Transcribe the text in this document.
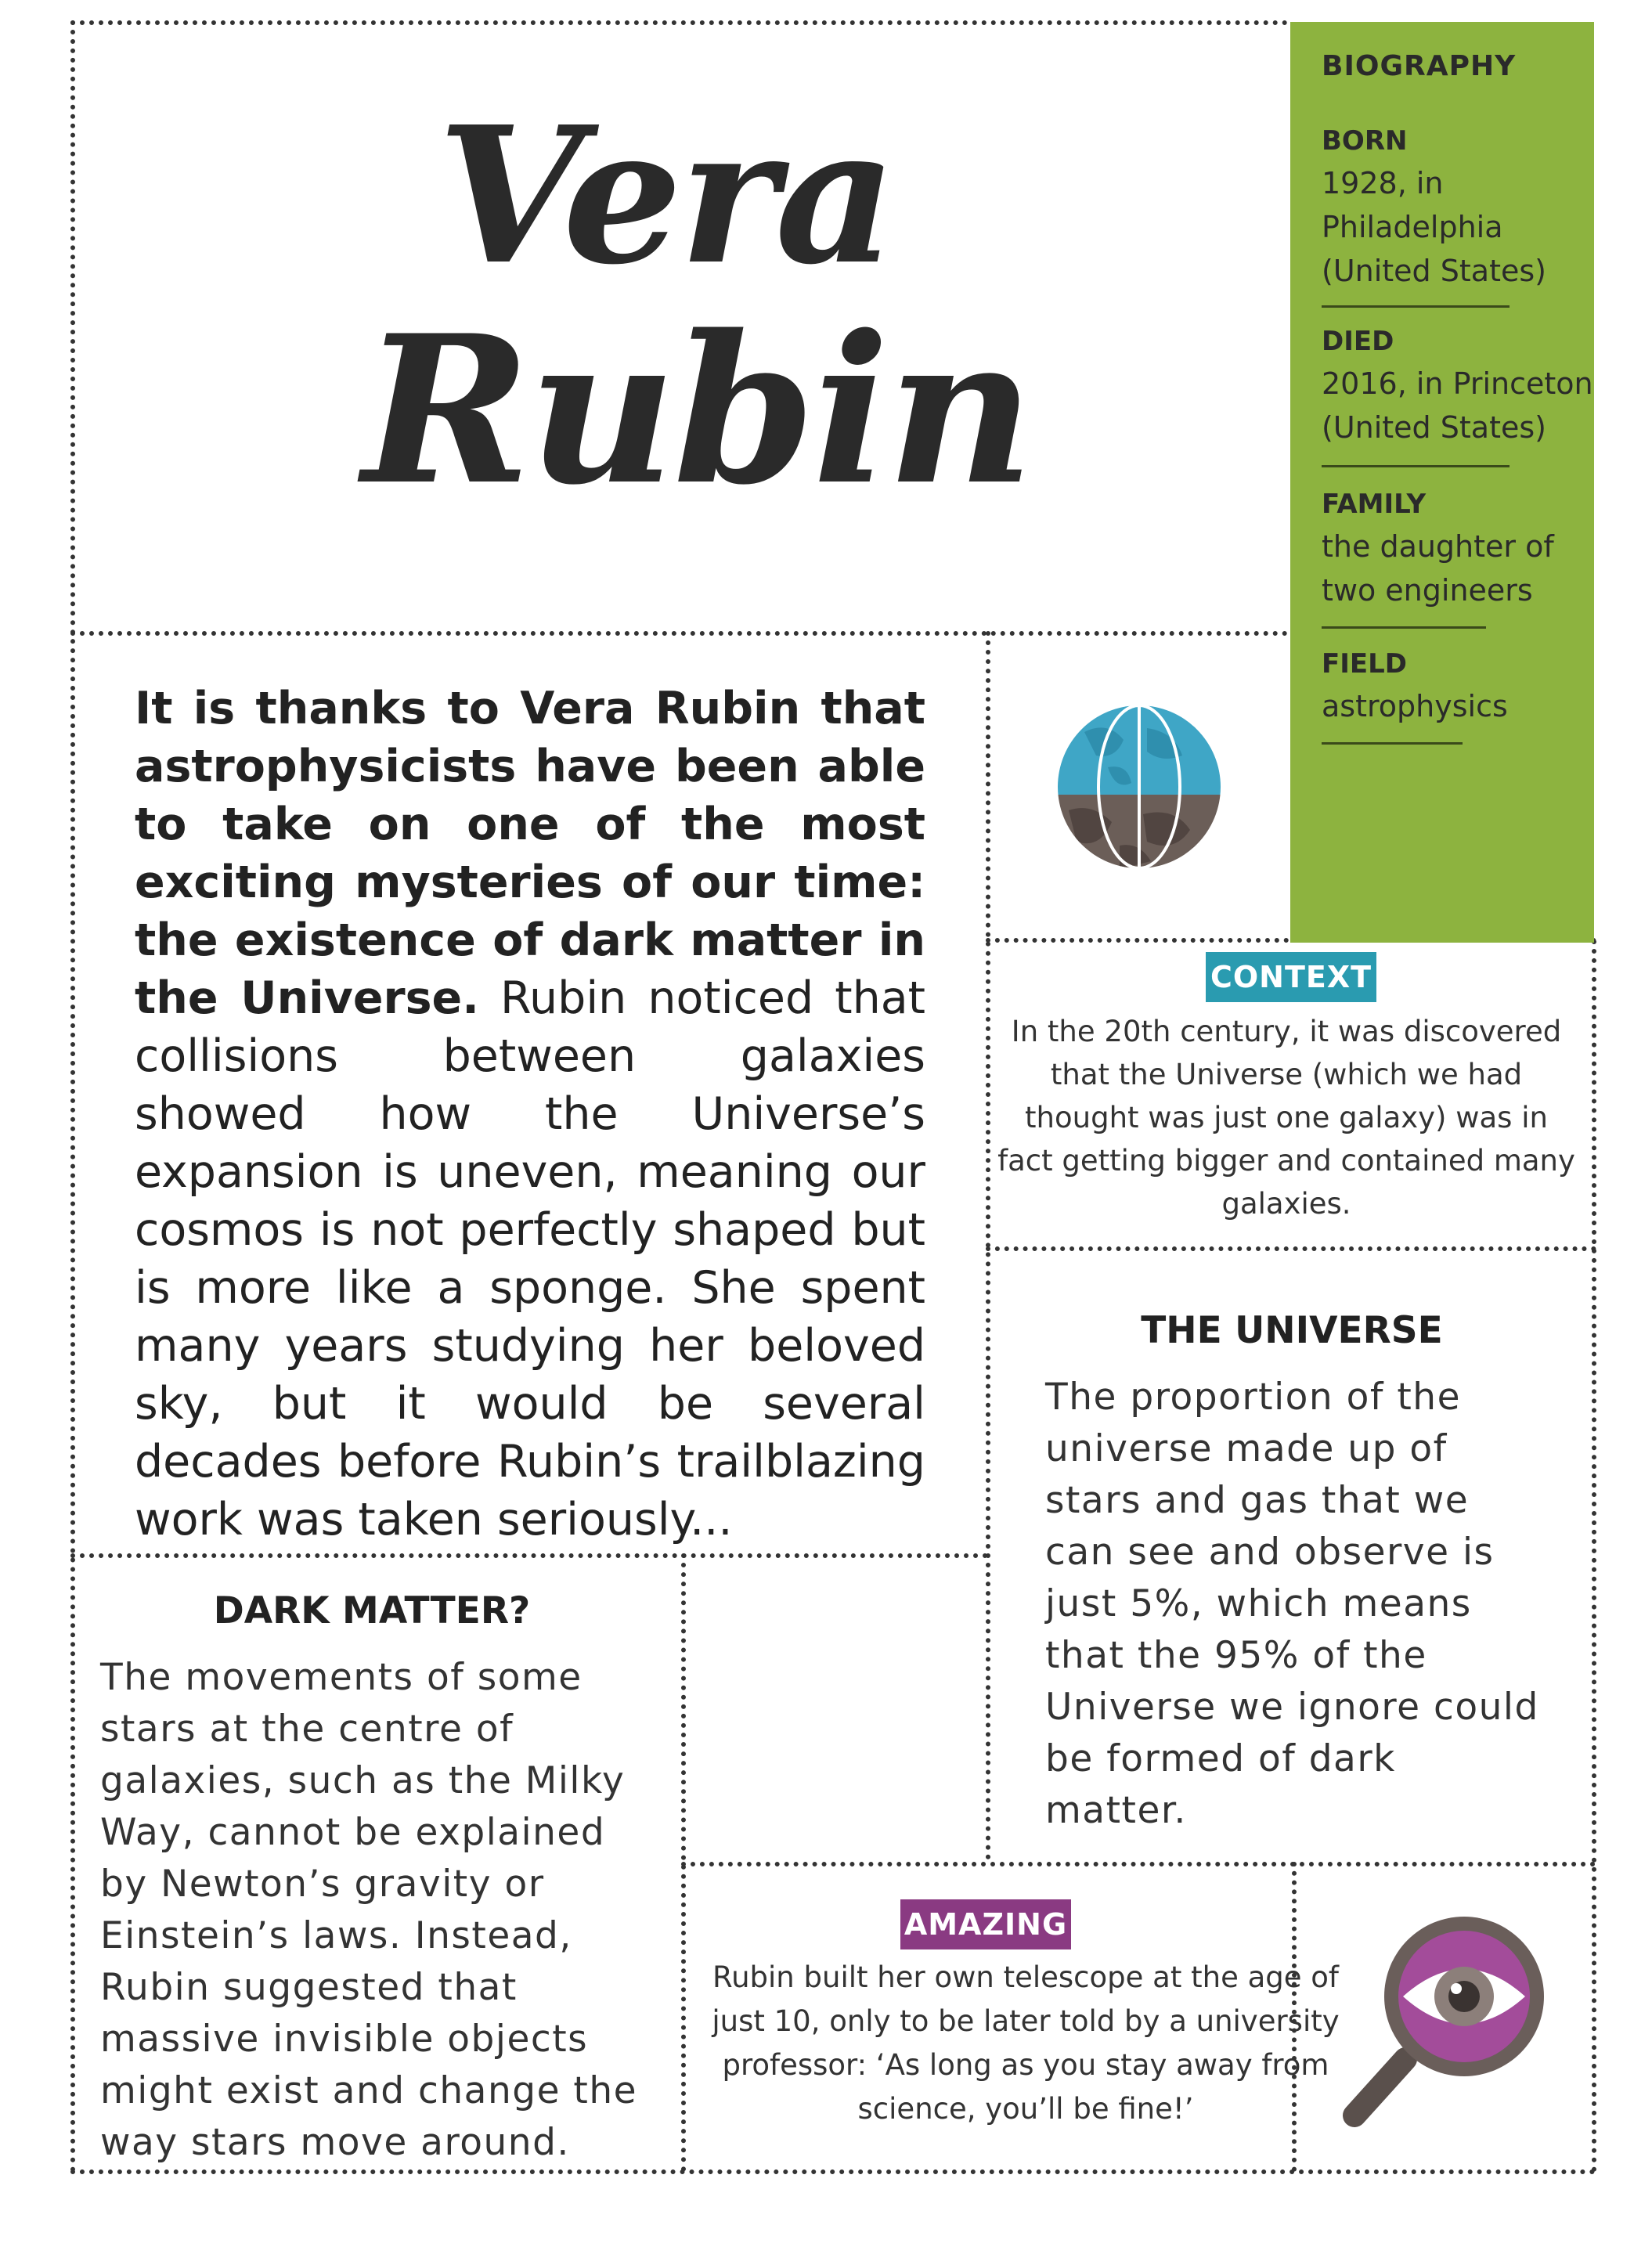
Vera
Rubin
BIOGRAPHY
BORN
1928, in
Philadelphia
(United States)
DIED
2016, in Princeton
(United States)
FAMILY
the daughter of
two engineers
FIELD
astrophysics
It is thanks to Vera Rubin that astrophysicists have been able to take on one of the most exciting mysteries of our time: the existence of dark matter in the Universe. Rubin noticed that collisions between galaxies showed how the Universe’s expansion is uneven, meaning our cosmos is not perfectly shaped but is more like a sponge. She spent many years studying her beloved sky, but it would be several decades before Rubin’s trailblazing work was taken seriously...
CONTEXT
In the 20th century, it was discovered that the Universe (which we had thought was just one galaxy) was in fact getting bigger and contained many galaxies.
THE UNIVERSE
The proportion of the universe made up of stars and gas that we can see and observe is just 5%, which means that the 95% of the Universe we ignore could be formed of dark matter.
DARK MATTER?
The movements of some stars at the centre of galaxies, such as the Milky Way, cannot be explained by Newton’s gravity or Einstein’s laws. Instead, Rubin suggested that massive invisible objects might exist and change the way stars move around.
AMAZING
Rubin built her own telescope at the age of just 10, only to be later told by a university professor: ‘As long as you stay away from science, you’ll be fine!’
